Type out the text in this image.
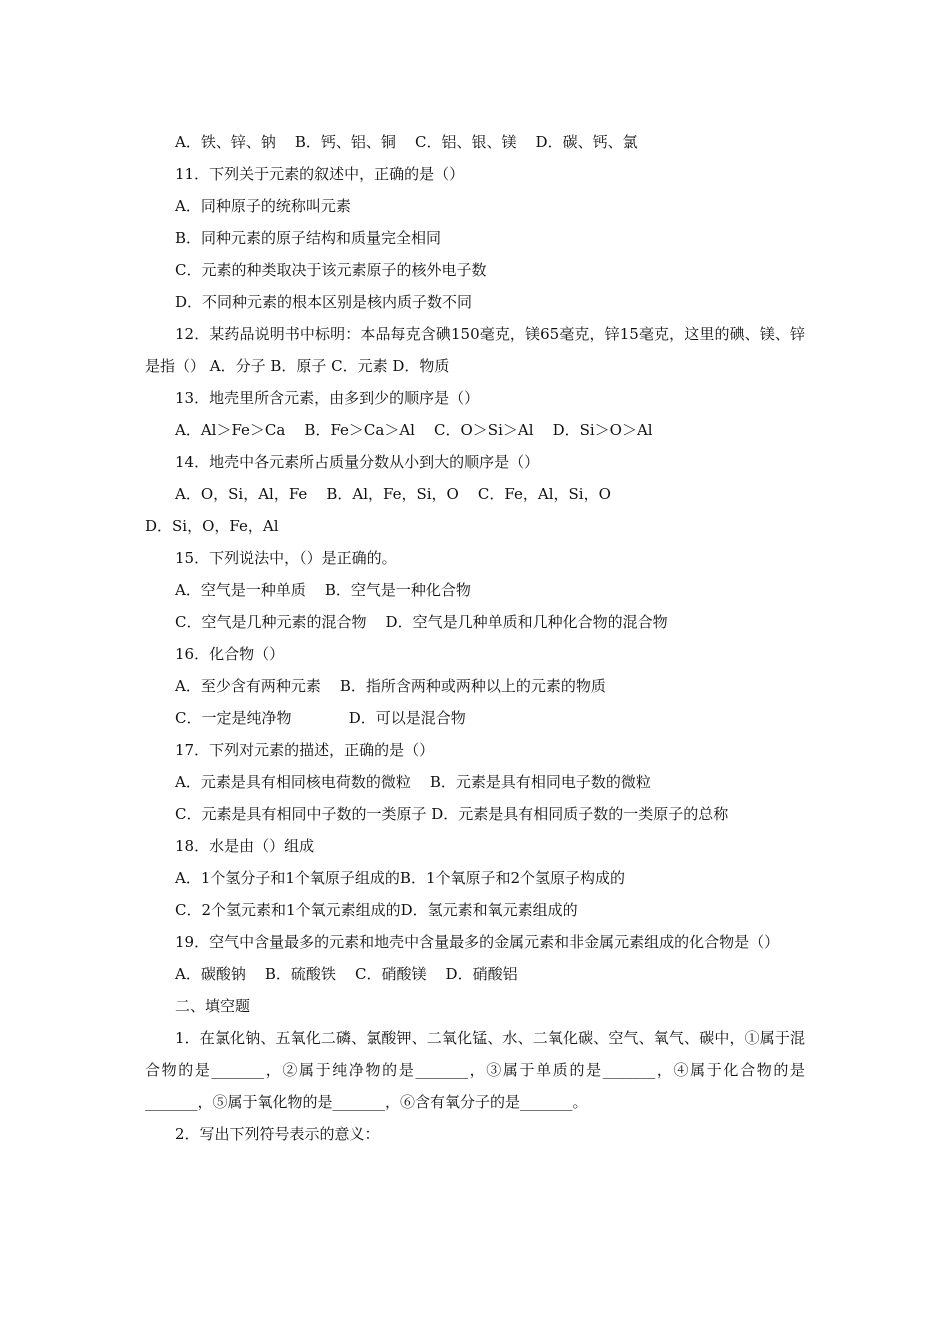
A．铁、锌、钠    B．钙、铝、铜    C．铝、银、镁    D．碳、钙、氯
11．下列关于元素的叙述中，正确的是（）
A．同种原子的统称叫元素
B．同种元素的原子结构和质量完全相同
C．元素的种类取决于该元素原子的核外电子数
D．不同种元素的根本区别是核内质子数不同
12．某药品说明书中标明：本品每克含碘150毫克，镁65毫克，锌15毫克，这里的碘、镁、锌是指（） A．分子 B．原子 C．元素 D．物质
13．地壳里所含元素，由多到少的顺序是（）
A．Al＞Fe＞Ca    B．Fe＞Ca＞Al    C．O＞Si＞Al    D．Si＞O＞Al
14．地壳中各元素所占质量分数从小到大的顺序是（）
A．O，Si，Al，Fe    B．Al，Fe，Si，O    C．Fe，Al，Si，O
D．Si，O，Fe，Al
15．下列说法中，（）是正确的。
A．空气是一种单质    B．空气是一种化合物
C．空气是几种元素的混合物    D．空气是几种单质和几种化合物的混合物
16．化合物（）
A．至少含有两种元素    B．指所含两种或两种以上的元素的物质
C．一定是纯净物            D．可以是混合物
17．下列对元素的描述，正确的是（）
A．元素是具有相同核电荷数的微粒    B．元素是具有相同电子数的微粒
C．元素是具有相同中子数的一类原子 D．元素是具有相同质子数的一类原子的总称
18．水是由（）组成
A．1个氢分子和1个氧原子组成的B．1个氧原子和2个氢原子构成的
C．2个氢元素和1个氧元素组成的D．氢元素和氧元素组成的
19．空气中含量最多的元素和地壳中含量最多的金属元素和非金属元素组成的化合物是（）
A．碳酸钠    B．硫酸铁    C．硝酸镁    D．硝酸铝
二、填空题
1．在氯化钠、五氧化二磷、氯酸钾、二氧化锰、水、二氧化碳、空气、氧气、碳中，①属于混合物的是_______，②属于纯净物的是_______，③属于单质的是_______，④属于化合物的是_______，⑤属于氧化物的是_______，⑥含有氧分子的是_______。
2．写出下列符号表示的意义：
